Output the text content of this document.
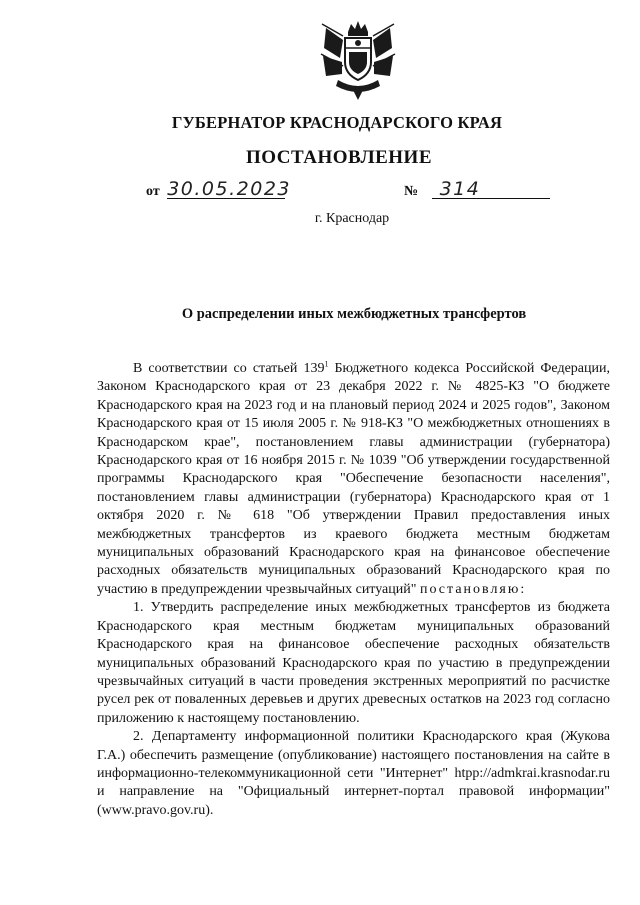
ГУБЕРНАТОР КРАСНОДАРСКОГО КРАЯ
ПОСТАНОВЛЕНИЕ
от 30.05.2023	№ 314
г. Краснодар
О распределении иных межбюджетных трансфертов

В соответствии со статьей $139^1$ Бюджетного кодекса Российской Федерации, Законом Краснодарского края от 23 декабря 2022 г. № 4825-КЗ "О бюджете Краснодарского края на 2023 год и на плановый период 2024 и 2025 годов", Законом Краснодарского края от 15 июля 2005 г. № 918-КЗ "О межбюджетных отношениях в Краснодарском крае", постановлением главы администрации (губернатора) Краснодарского края от 16 ноября 2015 г. № 1039 "Об утверждении государственной программы Краснодарского края "Обеспечение безопасности населения", постановлением главы администрации (губернатора) Краснодарского края от 1 октября 2020 г. № 618 "Об утверждении Правил предоставления иных межбюджетных трансфертов из краевого бюджета местным бюджетам муниципальных образований Краснодарского края на финансовое обеспечение расходных обязательств муниципальных образований Краснодарского края по участию в предупреждении чрезвычайных ситуаций" постановляю:

1. Утвердить распределение иных межбюджетных трансфертов из бюджета Краснодарского края местным бюджетам муниципальных образований Краснодарского края на финансовое обеспечение расходных обязательств муниципальных образований Краснодарского края по участию в предупреждении чрезвычайных ситуаций в части проведения экстренных мероприятий по расчистке русел рек от поваленных деревьев и других древесных остатков на 2023 год согласно приложению к настоящему постановлению.

2. Департаменту информационной политики Краснодарского края (Жукова Г.А.) обеспечить размещение (опубликование) настоящего постановления на сайте в информационно-телекоммуникационной сети "Интернет" htpp://admkrai.krasnodar.ru и направление на "Официальный интернет-портал правовой информации" (www.pravo.gov.ru).
